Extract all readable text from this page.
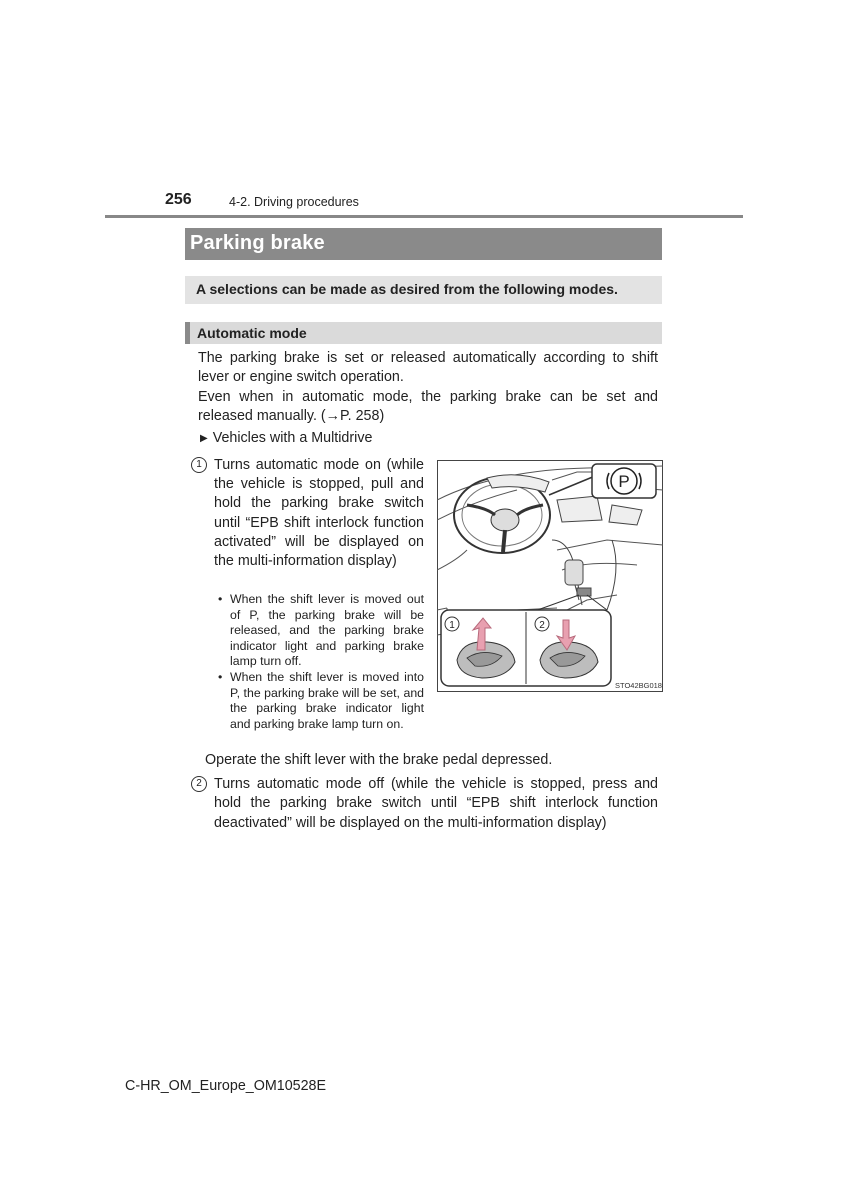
256	4-2. Driving procedures
Parking brake
A selections can be made as desired from the following modes.
Automatic mode
The parking brake is set or released automatically according to shift lever or engine switch operation.
Even when in automatic mode, the parking brake can be set and released manually. (→P. 258)
▶ Vehicles with a Multidrive
1 Turns automatic mode on (while the vehicle is stopped, pull and hold the parking brake switch until “EPB shift interlock function activated” will be displayed on the multi-information display)

• When the shift lever is moved out of P, the parking brake will be released, and the parking brake indicator light and parking brake lamp turn off.

• When the shift lever is moved into P, the parking brake will be set, and the parking brake indicator light and parking brake lamp turn on.

Operate the shift lever with the brake pedal depressed.
2 Turns automatic mode off (while the vehicle is stopped, press and hold the parking brake switch until “EPB shift interlock function deactivated” will be displayed on the multi-information display)
P
1	2
STO42BG018
C-HR_OM_Europe_OM10528E
